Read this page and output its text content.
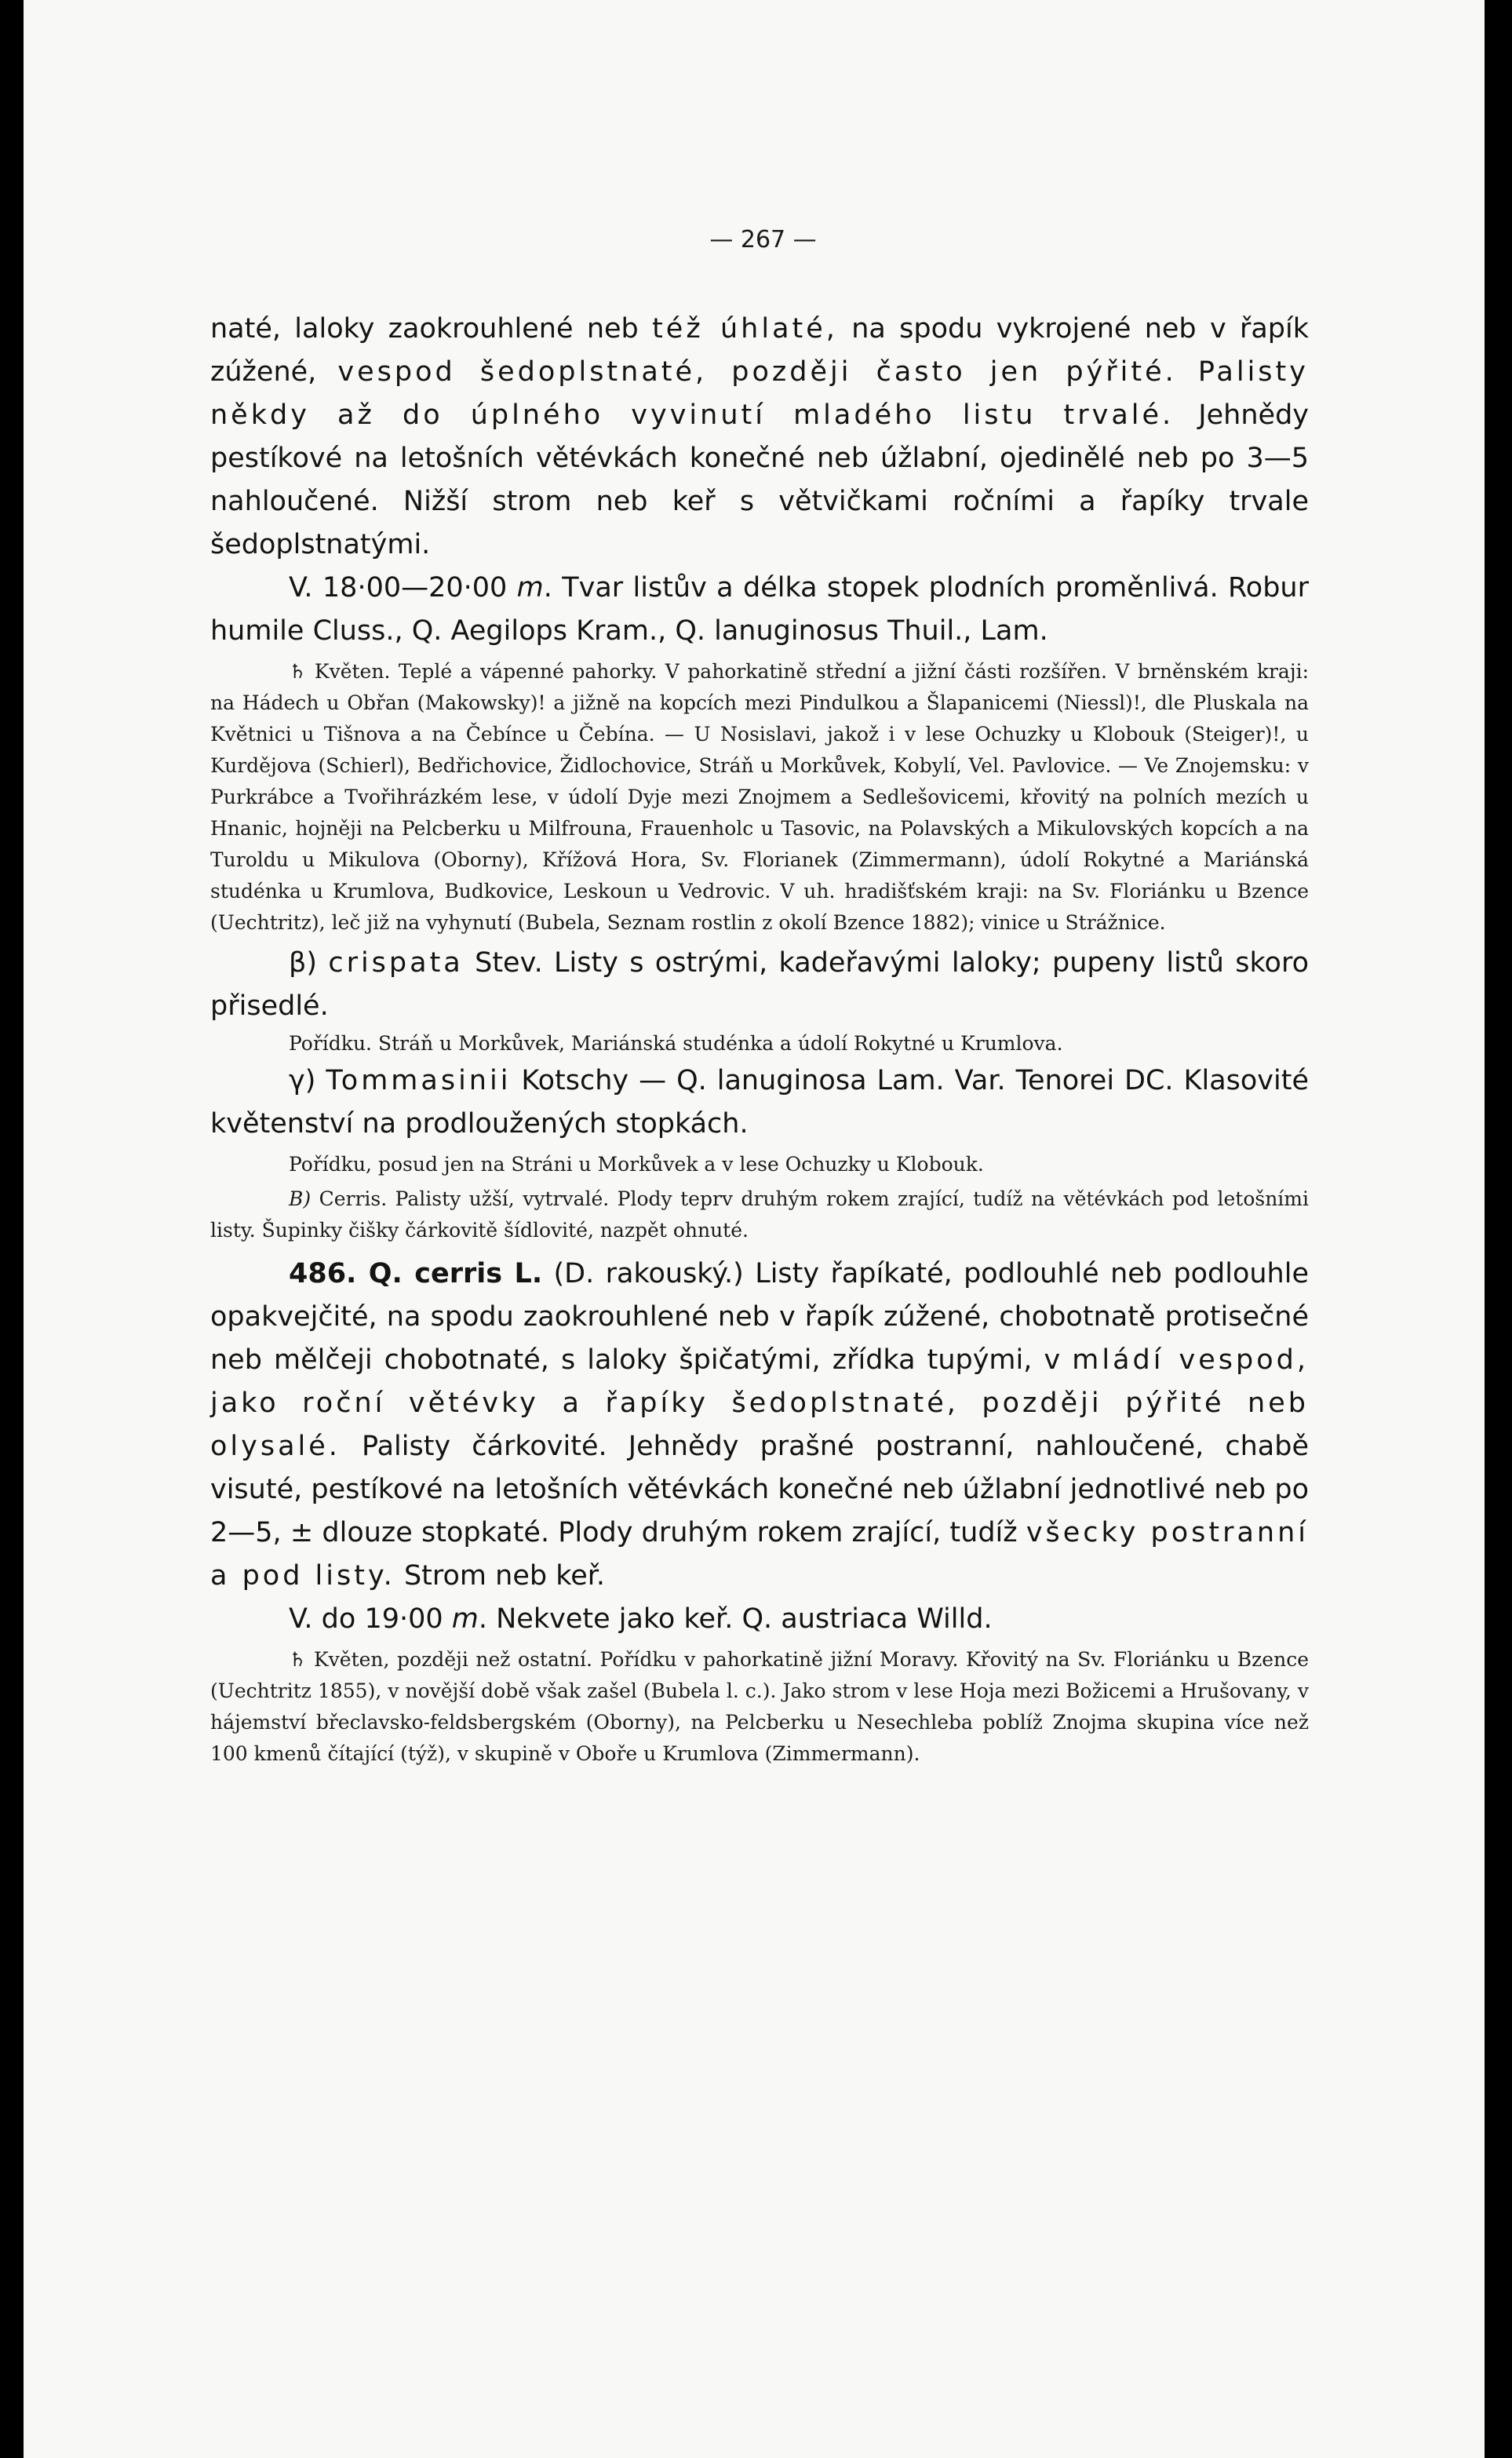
— 267 —

naté, laloky zaokrouhlené neb též úhlaté, na spodu vykrojené neb v řapík zúžené, vespod šedoplstnaté, později často jen pýřité. Palisty někdy až do úplného vyvinutí mladého listu trvalé. Jehnědy pestíkové na letošních větévkách konečné neb úžlabní, ojedinělé neb po 3—5 nahloučené. Nižší strom neb keř s větvičkami ročními a řapíky trvale šedoplstnatými.

V. 18·00—20·00 m. Tvar listův a délka stopek plodních proměnlivá. Robur humile Cluss., Q. Aegilops Kram., Q. lanuginosus Thuil., Lam.

♄ Květen. Teplé a vápenné pahorky. V pahorkatině střední a jižní části rozšířen. V brněnském kraji: na Hádech u Obřan (Makowsky)! a jižně na kopcích mezi Pindulkou a Šlapanicemi (Niessl)!, dle Pluskala na Květnici u Tišnova a na Čebínce u Čebína. — U Nosislavi, jakož i v lese Ochuzky u Klobouk (Steiger)!, u Kurdějova (Schierl), Bedřichovice, Židlochovice, Stráň u Morkůvek, Kobylí, Vel. Pavlovice. — Ve Znojemsku: v Purkrábce a Tvořihrázkém lese, v údolí Dyje mezi Znojmem a Sedlešovicemi, křovitý na polních mezích u Hnanic, hojněji na Pelcberku u Milfrouna, Frauenholc u Tasovic, na Polavských a Mikulovských kopcích a na Turoldu u Mikulova (Oborny), Křížová Hora, Sv. Florianek (Zimmermann), údolí Rokytné a Mariánská studénka u Krumlova, Budkovice, Leskoun u Vedrovic. V uh. hradišťském kraji: na Sv. Floriánku u Bzence (Uechtritz), leč již na vyhynutí (Bubela, Seznam rostlin z okolí Bzence 1882); vinice u Strážnice.

β) crispata Stev. Listy s ostrými, kadeřavými laloky; pupeny listů skoro přisedlé.

Pořídku. Stráň u Morkůvek, Mariánská studénka a údolí Rokytné u Krumlova.

γ) Tommasinii Kotschy — Q. lanuginosa Lam. Var. Tenorei DC. Klasovité květenství na prodloužených stopkách.

Pořídku, posud jen na Stráni u Morkůvek a v lese Ochuzky u Klobouk.

B) Cerris. Palisty užší, vytrvalé. Plody teprv druhým rokem zrající, tudíž na větévkách pod letošními listy. Šupinky čišky čárkovitě šídlovité, nazpět ohnuté.

486. Q. cerris L. (D. rakouský.) Listy řapíkaté, podlouhlé neb podlouhle opakvejčité, na spodu zaokrouhlené neb v řapík zúžené, chobotnatě protisečné neb mělčeji chobotnaté, s laloky špičatými, zřídka tupými, v mládí vespod, jako roční větévky a řapíky šedoplstnaté, později pýřité neb olysalé. Palisty čárkovité. Jehnědy prašné postranní, nahloučené, chabě visuté, pestíkové na letošních větévkách konečné neb úžlabní jednotlivé neb po 2—5, ± dlouze stopkaté. Plody druhým rokem zrající, tudíž všecky postranní a pod listy. Strom neb keř.

V. do 19·00 m. Nekvete jako keř. Q. austriaca Willd.

♄ Květen, později než ostatní. Pořídku v pahorkatině jižní Moravy. Křovitý na Sv. Floriánku u Bzence (Uechtritz 1855), v novější době však zašel (Bubela l. c.). Jako strom v lese Hoja mezi Božicemi a Hrušovany, v hájemství břeclavsko-feldsbergském (Oborny), na Pelcberku u Nesechleba poblíž Znojma skupina více než 100 kmenů čítající (týž), v skupině v Oboře u Krumlova (Zimmermann).
